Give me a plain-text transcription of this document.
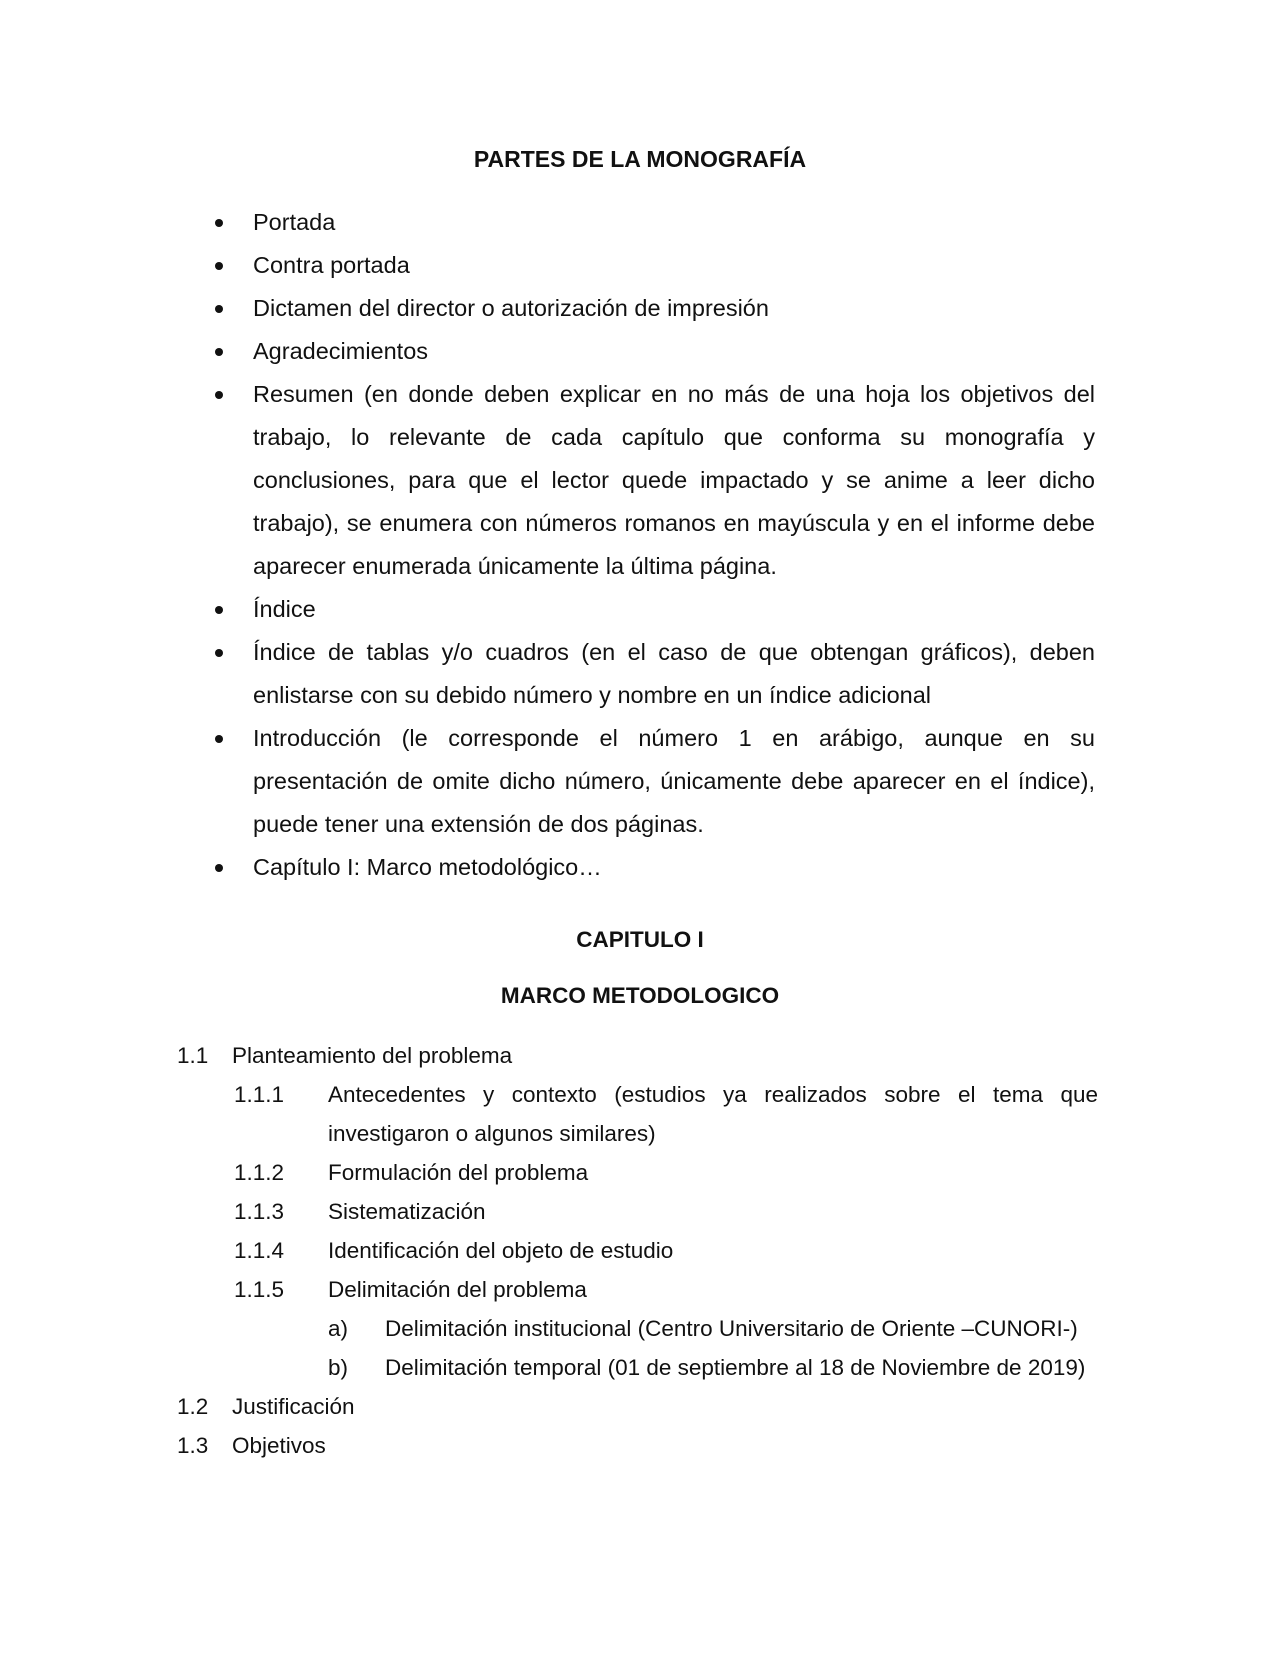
PARTES DE LA MONOGRAFÍA
Portada
Contra portada
Dictamen del director o autorización de impresión
Agradecimientos
Resumen (en donde deben explicar en no más de una hoja los objetivos del trabajo, lo relevante de cada capítulo que conforma su monografía y conclusiones, para que el lector quede impactado y se anime a leer dicho trabajo), se enumera con números romanos en mayúscula y en el informe debe aparecer enumerada únicamente la última página.
Índice
Índice de tablas y/o cuadros (en el caso de que obtengan gráficos), deben enlistarse con su debido número y nombre en un índice adicional
Introducción (le corresponde el número 1 en arábigo, aunque en su presentación de omite dicho número, únicamente debe aparecer en el índice), puede tener una extensión de dos páginas.
Capítulo I: Marco metodológico…
CAPITULO I
MARCO METODOLOGICO
1.1	Planteamiento del problema
1.1.1 Antecedentes y contexto (estudios ya realizados sobre el tema que investigaron o algunos similares)
1.1.2 Formulación del problema
1.1.3 Sistematización
1.1.4 Identificación del objeto de estudio
1.1.5 Delimitación del problema
a) Delimitación institucional (Centro Universitario de Oriente –CUNORI-)
b) Delimitación temporal (01 de septiembre al 18 de Noviembre de 2019)
1.2	Justificación
1.3	Objetivos
